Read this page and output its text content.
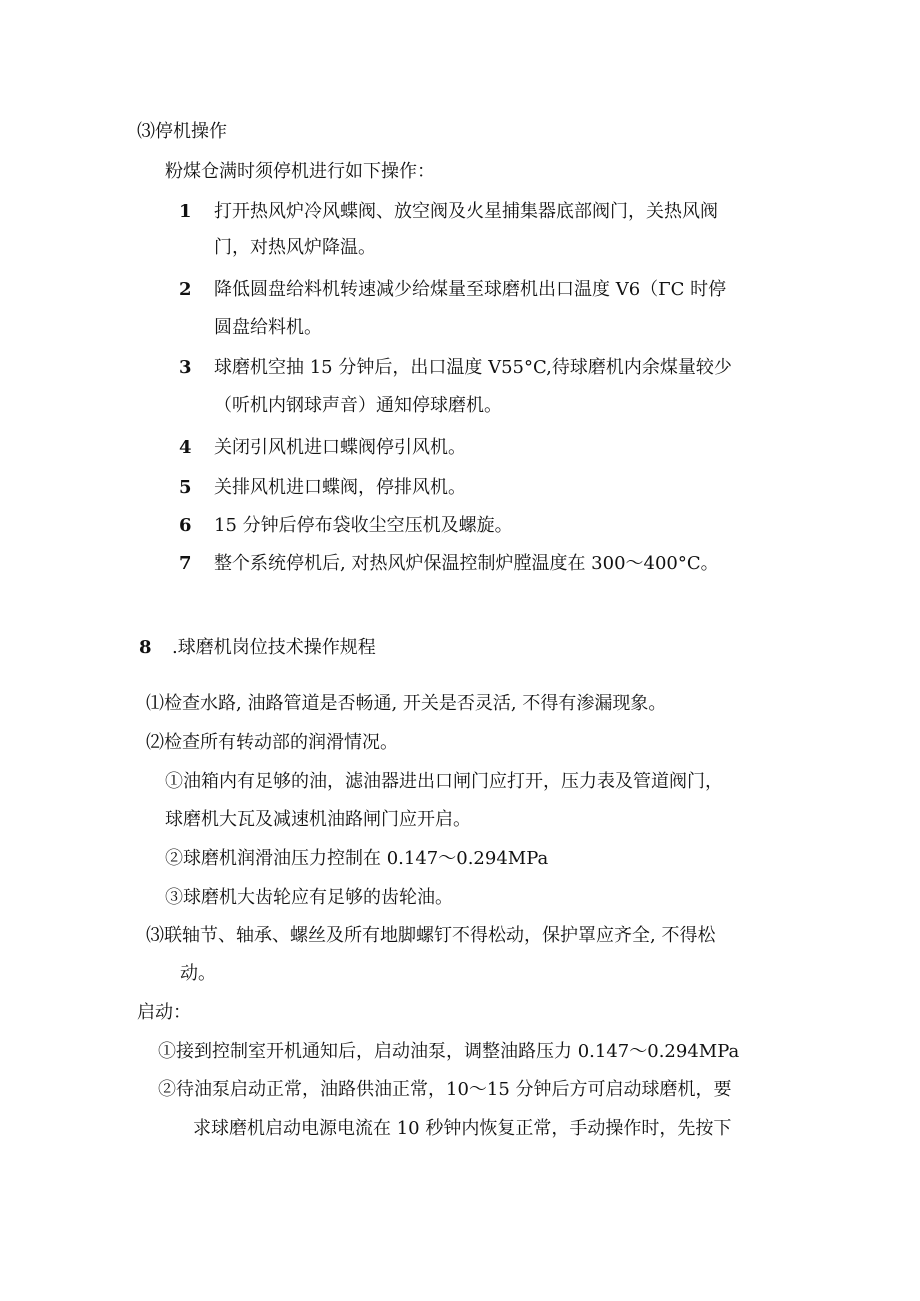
⑶停机操作
粉煤仓满时须停机进行如下操作：
1 打开热风炉冷风蝶阀、放空阀及火星捕集器底部阀门，关热风阀
门，对热风炉降温。
2 降低圆盘给料机转速减少给煤量至球磨机出口温度 V6（ΓC 时停
圆盘给料机。
3 球磨机空抽 15 分钟后，出口温度 V55°C,待球磨机内余煤量较少
（听机内钢球声音）通知停球磨机。
4 关闭引风机进口蝶阀停引风机。
5 关排风机进口蝶阀，停排风机。
6 15 分钟后停布袋收尘空压机及螺旋。
7 整个系统停机后, 对热风炉保温控制炉膛温度在 300～400°C。
8 .球磨机岗位技术操作规程
⑴检查水路, 油路管道是否畅通, 开关是否灵活, 不得有渗漏现象。
⑵检查所有转动部的润滑情况。
①油箱内有足够的油，滤油器进出口闸门应打开，压力表及管道阀门，
球磨机大瓦及减速机油路闸门应开启。
②球磨机润滑油压力控制在 0.147～0.294MPa
③球磨机大齿轮应有足够的齿轮油。
⑶联轴节、轴承、螺丝及所有地脚螺钉不得松动，保护罩应齐全, 不得松
动。
启动：
①接到控制室开机通知后，启动油泵，调整油路压力 0.147～0.294MPa
②待油泵启动正常，油路供油正常，10～15 分钟后方可启动球磨机，要
求球磨机启动电源电流在 10 秒钟内恢复正常，手动操作时，先按下
